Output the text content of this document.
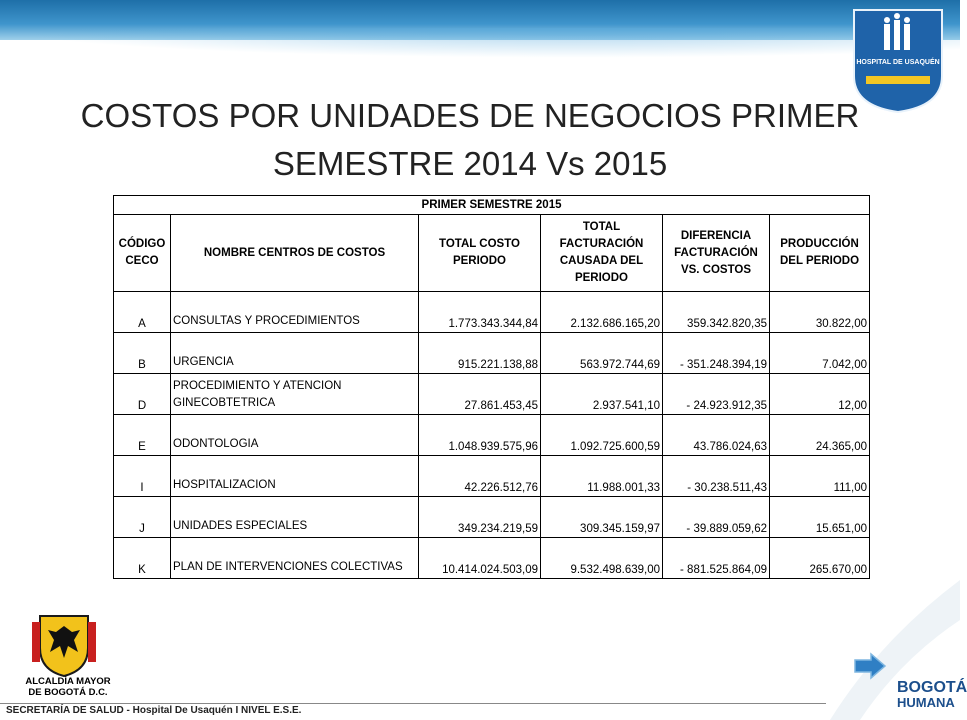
HOSPITAL DE USAQUÉN
COSTOS POR UNIDADES DE NEGOCIOS PRIMER
SEMESTRE 2014 Vs 2015
PRIMER SEMESTRE 2015					
CÓDIGO CECO	NOMBRE CENTROS DE COSTOS	TOTAL COSTO PERIODO	TOTAL FACTURACIÓN CAUSADA DEL PERIODO	DIFERENCIA FACTURACIÓN VS. COSTOS	PRODUCCIÓN DEL PERIODO
A	CONSULTAS Y PROCEDIMIENTOS	1.773.343.344,84	2.132.686.165,20	359.342.820,35	30.822,00
B	URGENCIA	915.221.138,88	563.972.744,69	- 351.248.394,19	7.042,00
D	PROCEDIMIENTO Y ATENCION GINECOBTETRICA	27.861.453,45	2.937.541,10	- 24.923.912,35	12,00
E	ODONTOLOGIA	1.048.939.575,96	1.092.725.600,59	43.786.024,63	24.365,00
I	HOSPITALIZACION	42.226.512,76	11.988.001,33	- 30.238.511,43	111,00
J	UNIDADES ESPECIALES	349.234.219,59	309.345.159,97	- 39.889.059,62	15.651,00
K	PLAN DE INTERVENCIONES COLECTIVAS	10.414.024.503,09	9.532.498.639,00	- 881.525.864,09	265.670,00
ALCALDÍA MAYOR
DE BOGOTÁ D.C.
SECRETARÍA DE SALUD - Hospital De Usaquén I NIVEL E.S.E.
BOGOTÁ
HUMANA
